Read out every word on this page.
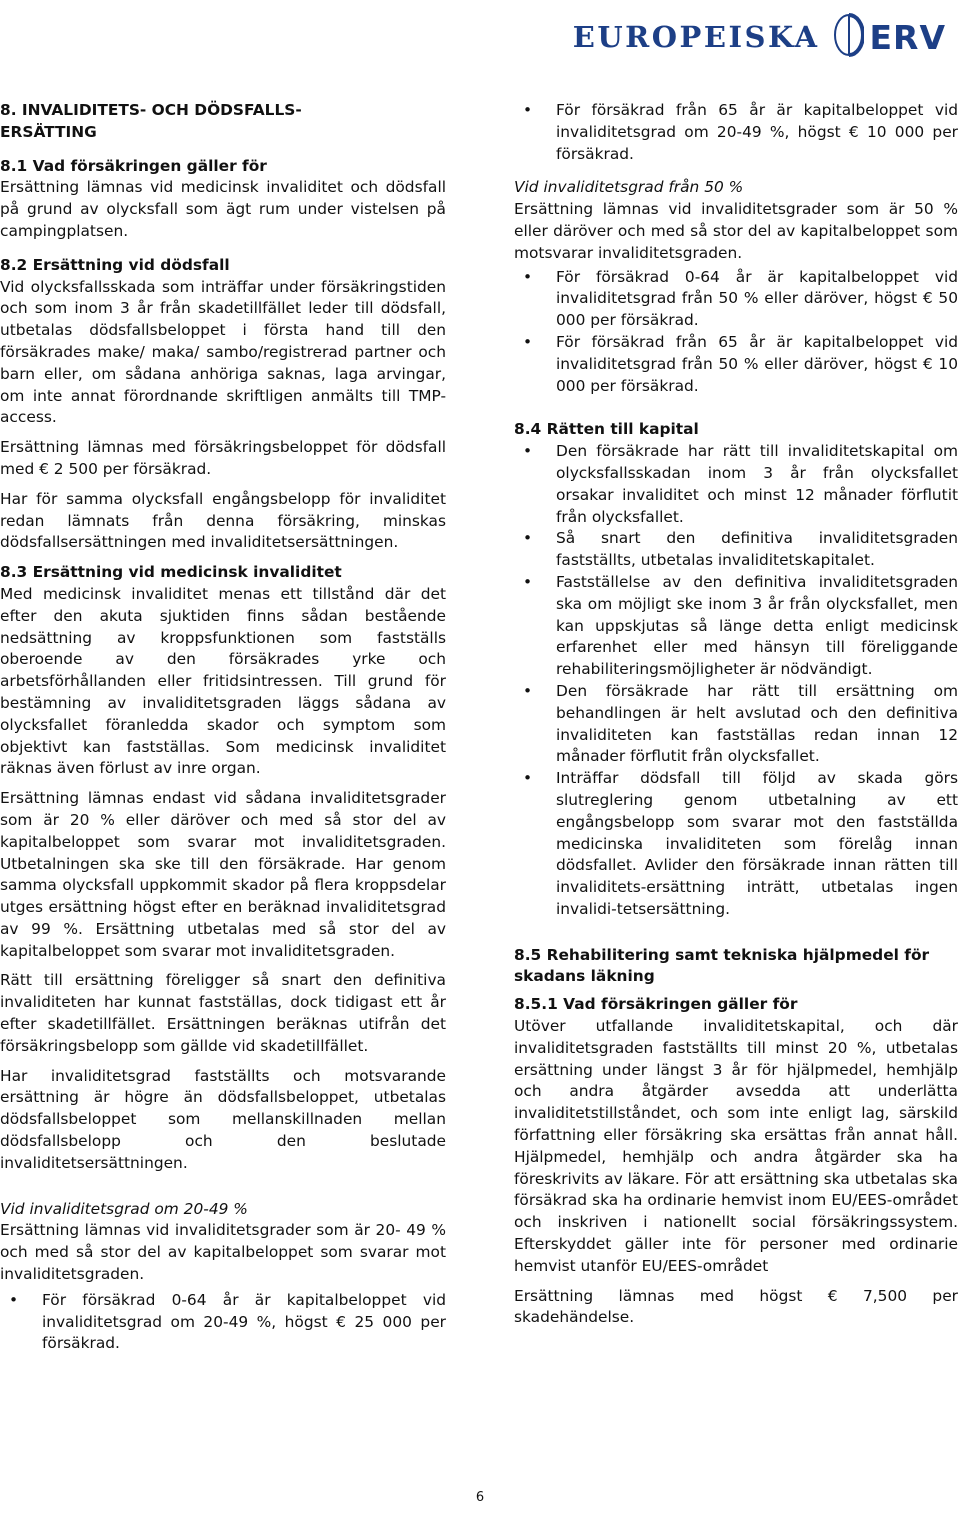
EUROPEISKA ERV
8. INVALIDITETS- OCH DÖDSFALLS-ERSÄTTING
8.1 Vad försäkringen gäller för

Ersättning lämnas vid medicinsk invaliditet och dödsfall på grund av olycksfall som ägt rum under vistelsen på campingplatsen.

8.2 Ersättning vid dödsfall

Vid olycksfallsskada som inträffar under försäkringstiden och som inom 3 år från skadetillfället leder till dödsfall, utbetalas dödsfallsbeloppet i första hand till den försäkrades make/ maka/ sambo/registrerad partner och barn eller, om sådana anhöriga saknas, laga arvingar, om inte annat förordnande skriftligen anmälts till TMP-access.

Ersättning lämnas med försäkringsbeloppet för dödsfall med € 2 500 per försäkrad.

Har för samma olycksfall engångsbelopp för invaliditet redan lämnats från denna försäkring, minskas dödsfallsersättningen med invaliditetsersättningen.

8.3 Ersättning vid medicinsk invaliditet

Med medicinsk invaliditet menas ett tillstånd där det efter den akuta sjuktiden finns sådan bestående nedsättning av kroppsfunktionen som fastställs oberoende av den försäkrades yrke och arbetsförhållanden eller fritidsintressen. Till grund för bestämning av invaliditetsgraden läggs sådana av olycksfallet föranledda skador och symptom som objektivt kan fastställas. Som medicinsk invaliditet räknas även förlust av inre organ.

Ersättning lämnas endast vid sådana invaliditetsgrader som är 20 % eller däröver och med så stor del av kapitalbeloppet som svarar mot invaliditetsgraden. Utbetalningen ska ske till den försäkrade. Har genom samma olycksfall uppkommit skador på flera kroppsdelar utges ersättning högst efter en beräknad invaliditetsgrad av 99 %. Ersättning utbetalas med så stor del av kapitalbeloppet som svarar mot invaliditetsgraden.

Rätt till ersättning föreligger så snart den definitiva invaliditeten har kunnat fastställas, dock tidigast ett år efter skadetillfället. Ersättningen beräknas utifrån det försäkringsbelopp som gällde vid skadetillfället.

Har invaliditetsgrad fastställts och motsvarande ersättning är högre än dödsfallsbeloppet, utbetalas dödsfallsbeloppet som mellanskillnaden mellan dödsfallsbelopp och den beslutade invaliditetsersättningen.

Vid invaliditetsgrad om 20-49 %

Ersättning lämnas vid invaliditetsgrader som är 20- 49 % och med så stor del av kapitalbeloppet som svarar mot invaliditetsgraden.

• För försäkrad 0-64 år är kapitalbeloppet vid invaliditetsgrad om 20-49 %, högst € 25 000 per försäkrad.
• För försäkrad från 65 år är kapitalbeloppet vid invaliditetsgrad om 20-49 %, högst € 10 000 per försäkrad.
Vid invaliditetsgrad från 50 %

Ersättning lämnas vid invaliditetsgrader som är 50 % eller däröver och med så stor del av kapitalbeloppet som motsvarar invaliditetsgraden.

• För försäkrad 0-64 år är kapitalbeloppet vid invaliditetsgrad från 50 % eller däröver, högst € 50 000 per försäkrad.
• För försäkrad från 65 år är kapitalbeloppet vid invaliditetsgrad från 50 % eller däröver, högst € 10 000 per försäkrad.
8.4 Rätten till kapital
• Den försäkrade har rätt till invaliditetskapital om olycksfallsskadan inom 3 år från olycksfallet orsakar invaliditet och minst 12 månader förflutit från olycksfallet.
• Så snart den definitiva invaliditetsgraden fastställts, utbetalas invaliditetskapitalet.
• Fastställelse av den definitiva invaliditetsgraden ska om möjligt ske inom 3 år från olycksfallet, men kan uppskjutas så länge detta enligt medicinsk erfarenhet eller med hänsyn till föreliggande rehabiliteringsmöjligheter är nödvändigt.
• Den försäkrade har rätt till ersättning om behandlingen är helt avslutad och den definitiva invaliditeten kan fastställas redan innan 12 månader förflutit från olycksfallet.
• Inträffar dödsfall till följd av skada görs slutreglering genom utbetalning av ett engångsbelopp som svarar mot den fastställda medicinska invaliditeten som förelåg innan dödsfallet. Avlider den försäkrade innan rätten till invaliditets-ersättning inträtt, utbetalas ingen invalidi-tetsersättning.
8.5 Rehabilitering samt tekniska hjälpmedel för skadans läkning
8.5.1 Vad försäkringen gäller för

Utöver utfallande invaliditetskapital, och där invaliditetsgraden fastställts till minst 20 %, utbetalas ersättning under längst 3 år för hjälpmedel, hemhjälp och andra åtgärder avsedda att underlätta invaliditetstillståndet, och som inte enligt lag, särskild författning eller försäkring ska ersättas från annat håll. Hjälpmedel, hemhjälp och andra åtgärder ska ha föreskrivits av läkare. För att ersättning ska utbetalas ska försäkrad ska ha ordinarie hemvist inom EU/EES-området och inskriven i nationellt social försäkringssystem. Efterskyddet gäller inte för personer med ordinarie hemvist utanför EU/EES-området

Ersättning lämnas med högst € 7,500 per skadehändelse.

6
